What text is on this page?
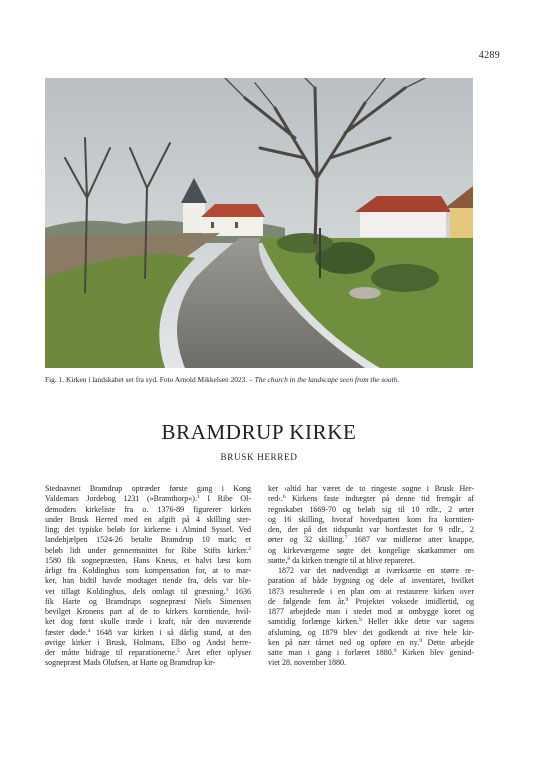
4289
Fig. 1. Kirken i landskabet set fra syd. Foto Arnold Mikkelsen 2023. – The church in the landscape seen from the south.
BRAMDRUP KIRKE
BRUSK HERRED
Stednavnet Bramdrup optræder første gang i Kong
Valdemars Jordebog 1231 (»Bramthorp«).$^1$ I Ribe Ol-
demoders kirkeliste fra o. 1376-89 figurerer kirken
under Brusk Herred med en afgift på 4 skilling ster-
ling; det typiske beløb for kirkerne i Almind Syssel. Ved
landehjælpen 1524-26 betalte Bramdrup 10 mark; et
beløb lidt under gennemsnittet for Ribe Stifts kirker.$^2$
1580 fik sognepræsten, Hans Kneus, et halvt læst korn
årligt fra Koldinghus som kompensation for, at to mar-
ker, han hidtil havde modtaget tiende fra, dels var ble-
vet tillagt Koldinghus, dels omlagt til græsning.$^3$ 1636
fik Harte og Bramdrups sognepræst Niels Simensen
bevilget Kronens part af de to kirkers korntiende, hvil-
ket dog først skulle træde i kraft, når den nuværende
fæster døde.$^4$ 1648 var kirken i så dårlig stand, at den
øvrige kirker i Brusk, Holmans, Elbo og Andst herre-
der måtte bidrage til reparationerne.$^5$ Året efter oplyser
sognepræst Mads Olufsen, at Harte og Bramdrup kir-
ker ›altid har været de to ringeste sogne i Brusk Her-
red‹.$^6$ Kirkens faste indtægter på denne tid fremgår af
regnskabet 1669-70 og beløb sig til 10 rdlr., 2 ørter
og 16 skilling, hvoraf hovedparten kom fra korntien-
den, der på det tidspunkt var bortfæstet for 9 rdlr., 2
ørter og 32 skilling.$^7$ 1687 var midlerne atter knappe,
og kirkeværgerne søgte det kongelige skatkammer om
støtte,$^8$ da kirken trængte til at blive repareret.
1872 var det nødvendigt at iværksætte en større re-
paration af både bygning og dele af inventaret, hvilket
1873 resulterede i en plan om at restaurere kirken over
de følgende fem år.$^9$ Projektet voksede imidlertid, og
1877 arbejdede man i stedet mod at ombygge koret og
samtidig forlænge kirken.$^9$ Heller ikke dette var sagens
afslutning, og 1879 blev det godkendt at rive hele kir-
ken på nær tårnet ned og opføre en ny.$^9$ Dette arbejde
satte man i gang i forlæret 1880.$^9$ Kirken blev genind-
viet 28. november 1880.
